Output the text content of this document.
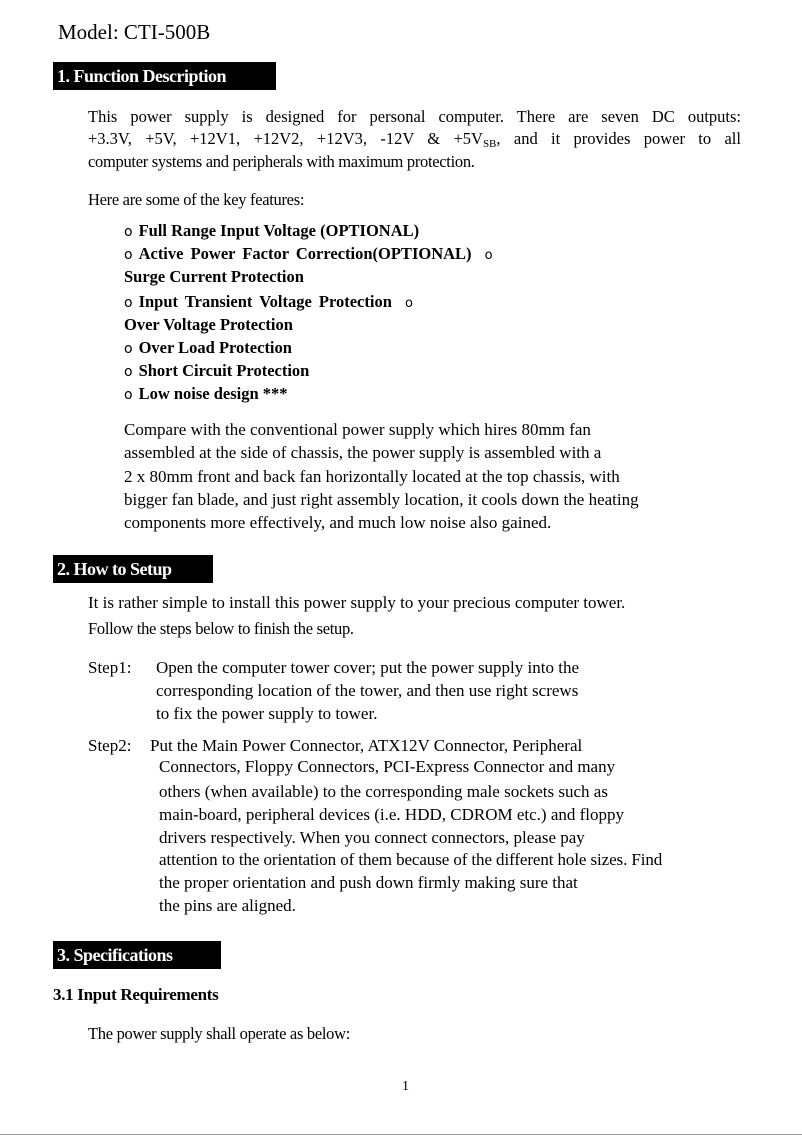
Model: CTI-500B
1. Function Description
This power supply is designed for personal computer. There are seven DC outputs:
+3.3V, +5V, +12V1, +12V2, +12V3, -12V & $+5V_{SB}$, and it provides power to all
computer systems and peripherals with maximum protection.
Here are some of the key features:
o Full Range Input Voltage (OPTIONAL)
o Active Power Factor Correction(OPTIONAL) o
Surge Current Protection
o Input Transient Voltage Protection o
Over Voltage Protection
o Over Load Protection
o Short Circuit Protection
o Low noise design ***
Compare with the conventional power supply which hires 80mm fan
assembled at the side of chassis, the power supply is assembled with a
2 x 80mm front and back fan horizontally located at the top chassis, with
bigger fan blade, and just right assembly location, it cools down the heating
components more effectively, and much low noise also gained.
2. How to Setup
It is rather simple to install this power supply to your precious computer tower.
Follow the steps below to finish the setup.
Step1: Open the computer tower cover; put the power supply into the
corresponding location of the tower, and then use right screws
to fix the power supply to tower.
Step2: Put the Main Power Connector, ATX12V Connector, Peripheral
Connectors, Floppy Connectors, PCI-Express Connector and many
others (when available) to the corresponding male sockets such as
main-board, peripheral devices (i.e. HDD, CDROM etc.) and floppy
drivers respectively. When you connect connectors, please pay
attention to the orientation of them because of the different hole sizes. Find
the proper orientation and push down firmly making sure that
the pins are aligned.
3. Specifications
3.1 Input Requirements
The power supply shall operate as below:
1
